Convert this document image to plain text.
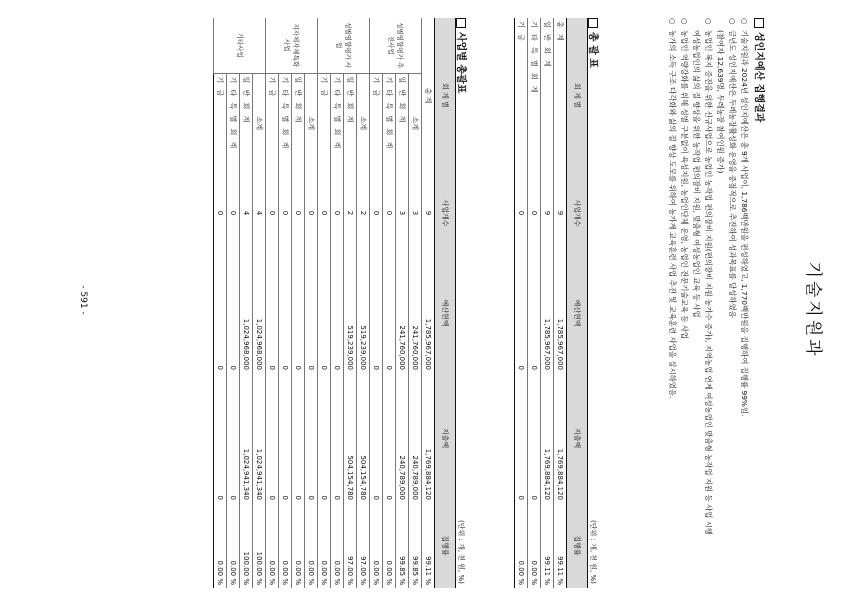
기술지원과
성인지예산 집행결과
○
기술지원과 2024년 성인지예산은 총 9개 사업이, 1,786백만원을 편성하였고, 1,770백만원을 집행하여 집행률 99%임.
○
금년도 성인지예산은 두레농장활성화 운영을 중점적으로 추진하여 성과목표를 달성하였음
(참여자 12,639명, 두레농장 참여인원 증가)
○
농업인 복지 증진을 위한 신규사업으로 농업인 농작업 편의장비 지원(편의장비 지원 농가수 증가), 지역농업 연계 여성농업인 맞춤형 농작업 지원 등 사업 시행
여성농업인의 삶의 질 향상을 위한 농작업 편의장비 지원, 맞춤형 여성농업인 교육 등 사업
○
농업인 역량강화를 위해 성별 구분없이 육성지원, 농업인단체 운영, 농업인 전문기술교육 등 사업
○
농가의 소득 구조 다각화와 삶의 질 향상 도모를 위하여 농가계 교육훈련 사업 추진 및 교육훈련 사업을 실시하였음.
총 괄 표
(단위 : 개, 천 원, %)
회 계 별	사업개수	예산현액	지출액	집행률
총 계	9	1,785,967,000	1,769,884,120	99.11 %
일 반 회 계	9	1,785,967,000	1,769,884,120	99.11 %
기 타 특 별 회 계	0	0	0	0.00 %
기 금	0	0	0	0.00 %
사업별 총괄표
(단위 : 개, 천 원, %)
회 계 별		사업개수	예산현액	지출액	집행률
총 계		9	1,785,967,000	1,769,884,120	99.11 %
성별영향평가 추진사업	소계	3	241,760,000	240,789,000	99.85 %
	일 반 회 계	3	241,760,000	240,789,000	99.85 %
	기 타 특 별 회 계	0	0	0	0.00 %
	기 금	0	0	0	0.00 %
성별영향평가 사업	소계	2	519,239,000	504,154,780	97.00 %
	일 반 회 계	2	519,239,000	504,154,780	97.00 %
	기 타 특 별 회 계	0	0	0	0.00 %
	기 금	0	0	0	0.00 %
지자체자체특화 사업	소계	0	0	0	0.00 %
	일 반 회 계	0	0	0	0.00 %
	기 타 특 별 회 계	0	0	0	0.00 %
	기 금	0	0	0	0.00 %
기타사업	소계	4	1,024,968,000	1,024,941,340	100.00 %
	일 반 회 계	4	1,024,968,000	1,024,941,340	100.00 %
	기 타 특 별 회 계	0	0	0	0.00 %
	기 금	0	0	0	0.00 %
- 591 -
